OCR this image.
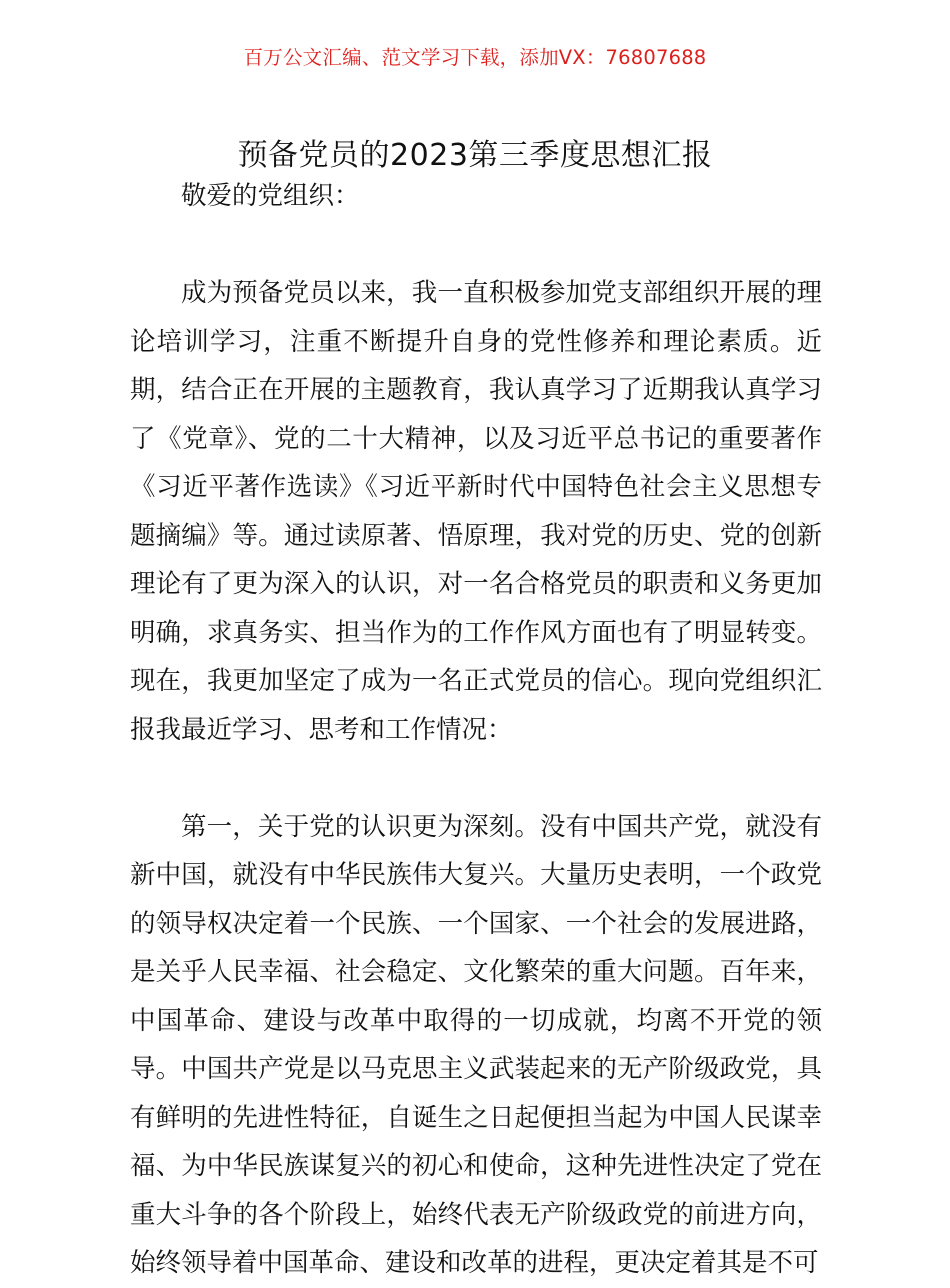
百万公文汇编、范文学习下载，添加VX：76807688
预备党员的2023第三季度思想汇报

敬爱的党组织：

成为预备党员以来，我一直积极参加党支部组织开展的理论培训学习，注重不断提升自身的党性修养和理论素质。近期，结合正在开展的主题教育，我认真学习了近期我认真学习了《党章》、党的二十大精神，以及习近平总书记的重要著作《习近平著作选读》《习近平新时代中国特色社会主义思想专题摘编》等。通过读原著、悟原理，我对党的历史、党的创新理论有了更为深入的认识，对一名合格党员的职责和义务更加明确，求真务实、担当作为的工作作风方面也有了明显转变。现在，我更加坚定了成为一名正式党员的信心。现向党组织汇报我最近学习、思考和工作情况：

第一，关于党的认识更为深刻。没有中国共产党，就没有新中国，就没有中华民族伟大复兴。大量历史表明，一个政党的领导权决定着一个民族、一个国家、一个社会的发展进路，是关乎人民幸福、社会稳定、文化繁荣的重大问题。百年来，中国革命、建设与改革中取得的一切成就，均离不开党的领导。中国共产党是以马克思主义武装起来的无产阶级政党，具有鲜明的先进性特征，自诞生之日起便担当起为中国人民谋幸福、为中华民族谋复兴的初心和使命，这种先进性决定了党在重大斗争的各个阶段上，始终代表无产阶级政党的前进方向，始终领导着中国革命、建设和改革的进程，更决定着其是不可
